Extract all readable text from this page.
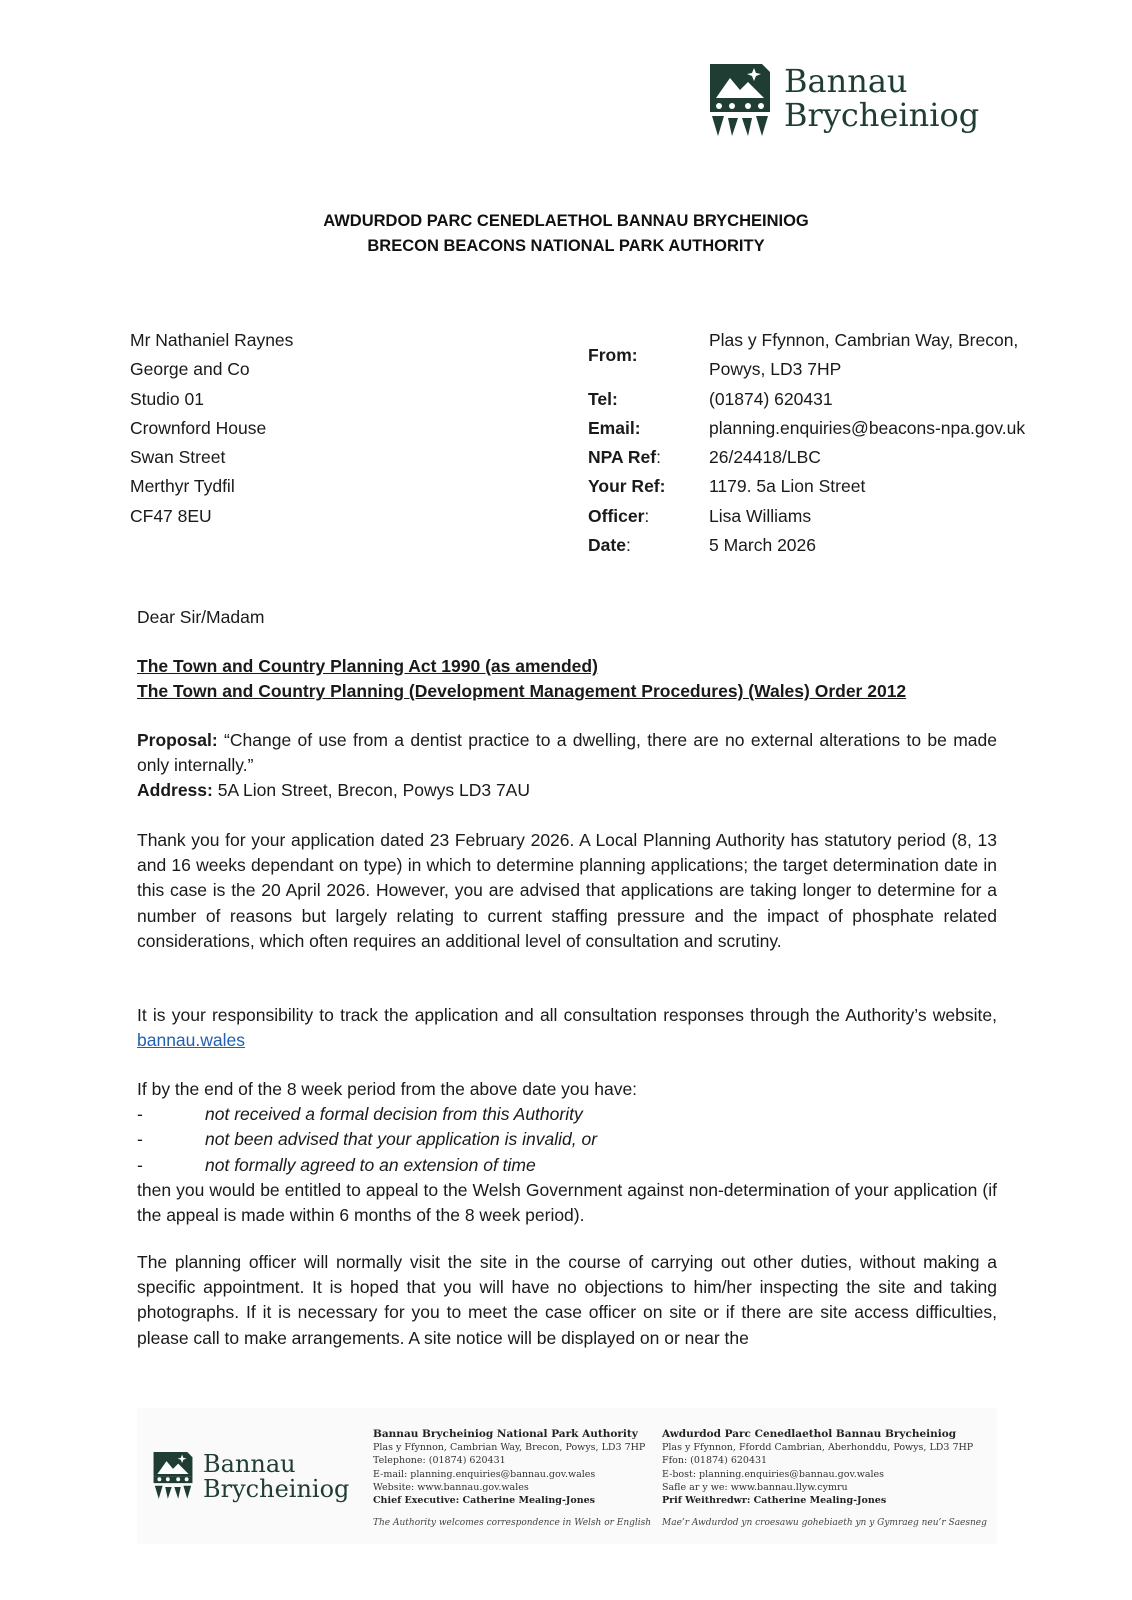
Bannau
Brycheiniog
AWDURDOD PARC CENEDLAETHOL BANNAU BRYCHEINIOG
BRECON BEACONS NATIONAL PARK AUTHORITY
Mr Nathaniel Raynes
George and Co
Studio 01
Crownford House
Swan Street
Merthyr Tydfil
CF47 8EU
From:
Plas y Ffynnon, Cambrian Way, Brecon,
Powys, LD3 7HP
Tel:	(01874) 620431
Email:	planning.enquiries@beacons-npa.gov.uk
NPA Ref:	26/24418/LBC
Your Ref:	1179. 5a Lion Street
Officer:	Lisa Williams
Date:	5 March 2026

Dear Sir/Madam

The Town and Country Planning Act 1990 (as amended)

The Town and Country Planning (Development Management Procedures) (Wales) Order 2012

Proposal: “Change of use from a dentist practice to a dwelling, there are no external alterations to be made only internally.”

Address: 5A Lion Street, Brecon, Powys LD3 7AU

Thank you for your application dated 23 February 2026. A Local Planning Authority has statutory period (8, 13 and 16 weeks dependant on type) in which to determine planning applications; the target determination date in this case is the 20 April 2026. However, you are advised that applications are taking longer to determine for a number of reasons but largely relating to current staffing pressure and the impact of phosphate related considerations, which often requires an additional level of consultation and scrutiny.

It is your responsibility to track the application and all consultation responses through the Authority’s website, bannau.wales

If by the end of the 8 week period from the above date you have:

-	not received a formal decision from this Authority
-	not been advised that your application is invalid, or
-	not formally agreed to an extension of time

then you would be entitled to appeal to the Welsh Government against non-determination of your application (if the appeal is made within 6 months of the 8 week period).

The planning officer will normally visit the site in the course of carrying out other duties, without making a specific appointment. It is hoped that you will have no objections to him/her inspecting the site and taking photographs. If it is necessary for you to meet the case officer on site or if there are site access difficulties, please call to make arrangements. A site notice will be displayed on or near the

Bannau
Brycheiniog
Bannau Brycheiniog National Park Authority
Plas y Ffynnon, Cambrian Way, Brecon, Powys, LD3 7HP
Telephone: (01874) 620431
E-mail: planning.enquiries@bannau.gov.wales
Website: www.bannau.gov.wales
Chief Executive: Catherine Mealing-Jones
The Authority welcomes correspondence in Welsh or English
Awdurdod Parc Cenedlaethol Bannau Brycheiniog
Plas y Ffynnon, Ffordd Cambrian, Aberhonddu, Powys, LD3 7HP
Ffon: (01874) 620431
E-bost: planning.enquiries@bannau.gov.wales
Safle ar y we: www.bannau.llyw.cymru
Prif Weithredwr: Catherine Mealing-Jones
Mae’r Awdurdod yn croesawu gohebiaeth yn y Gymraeg neu’r Saesneg
